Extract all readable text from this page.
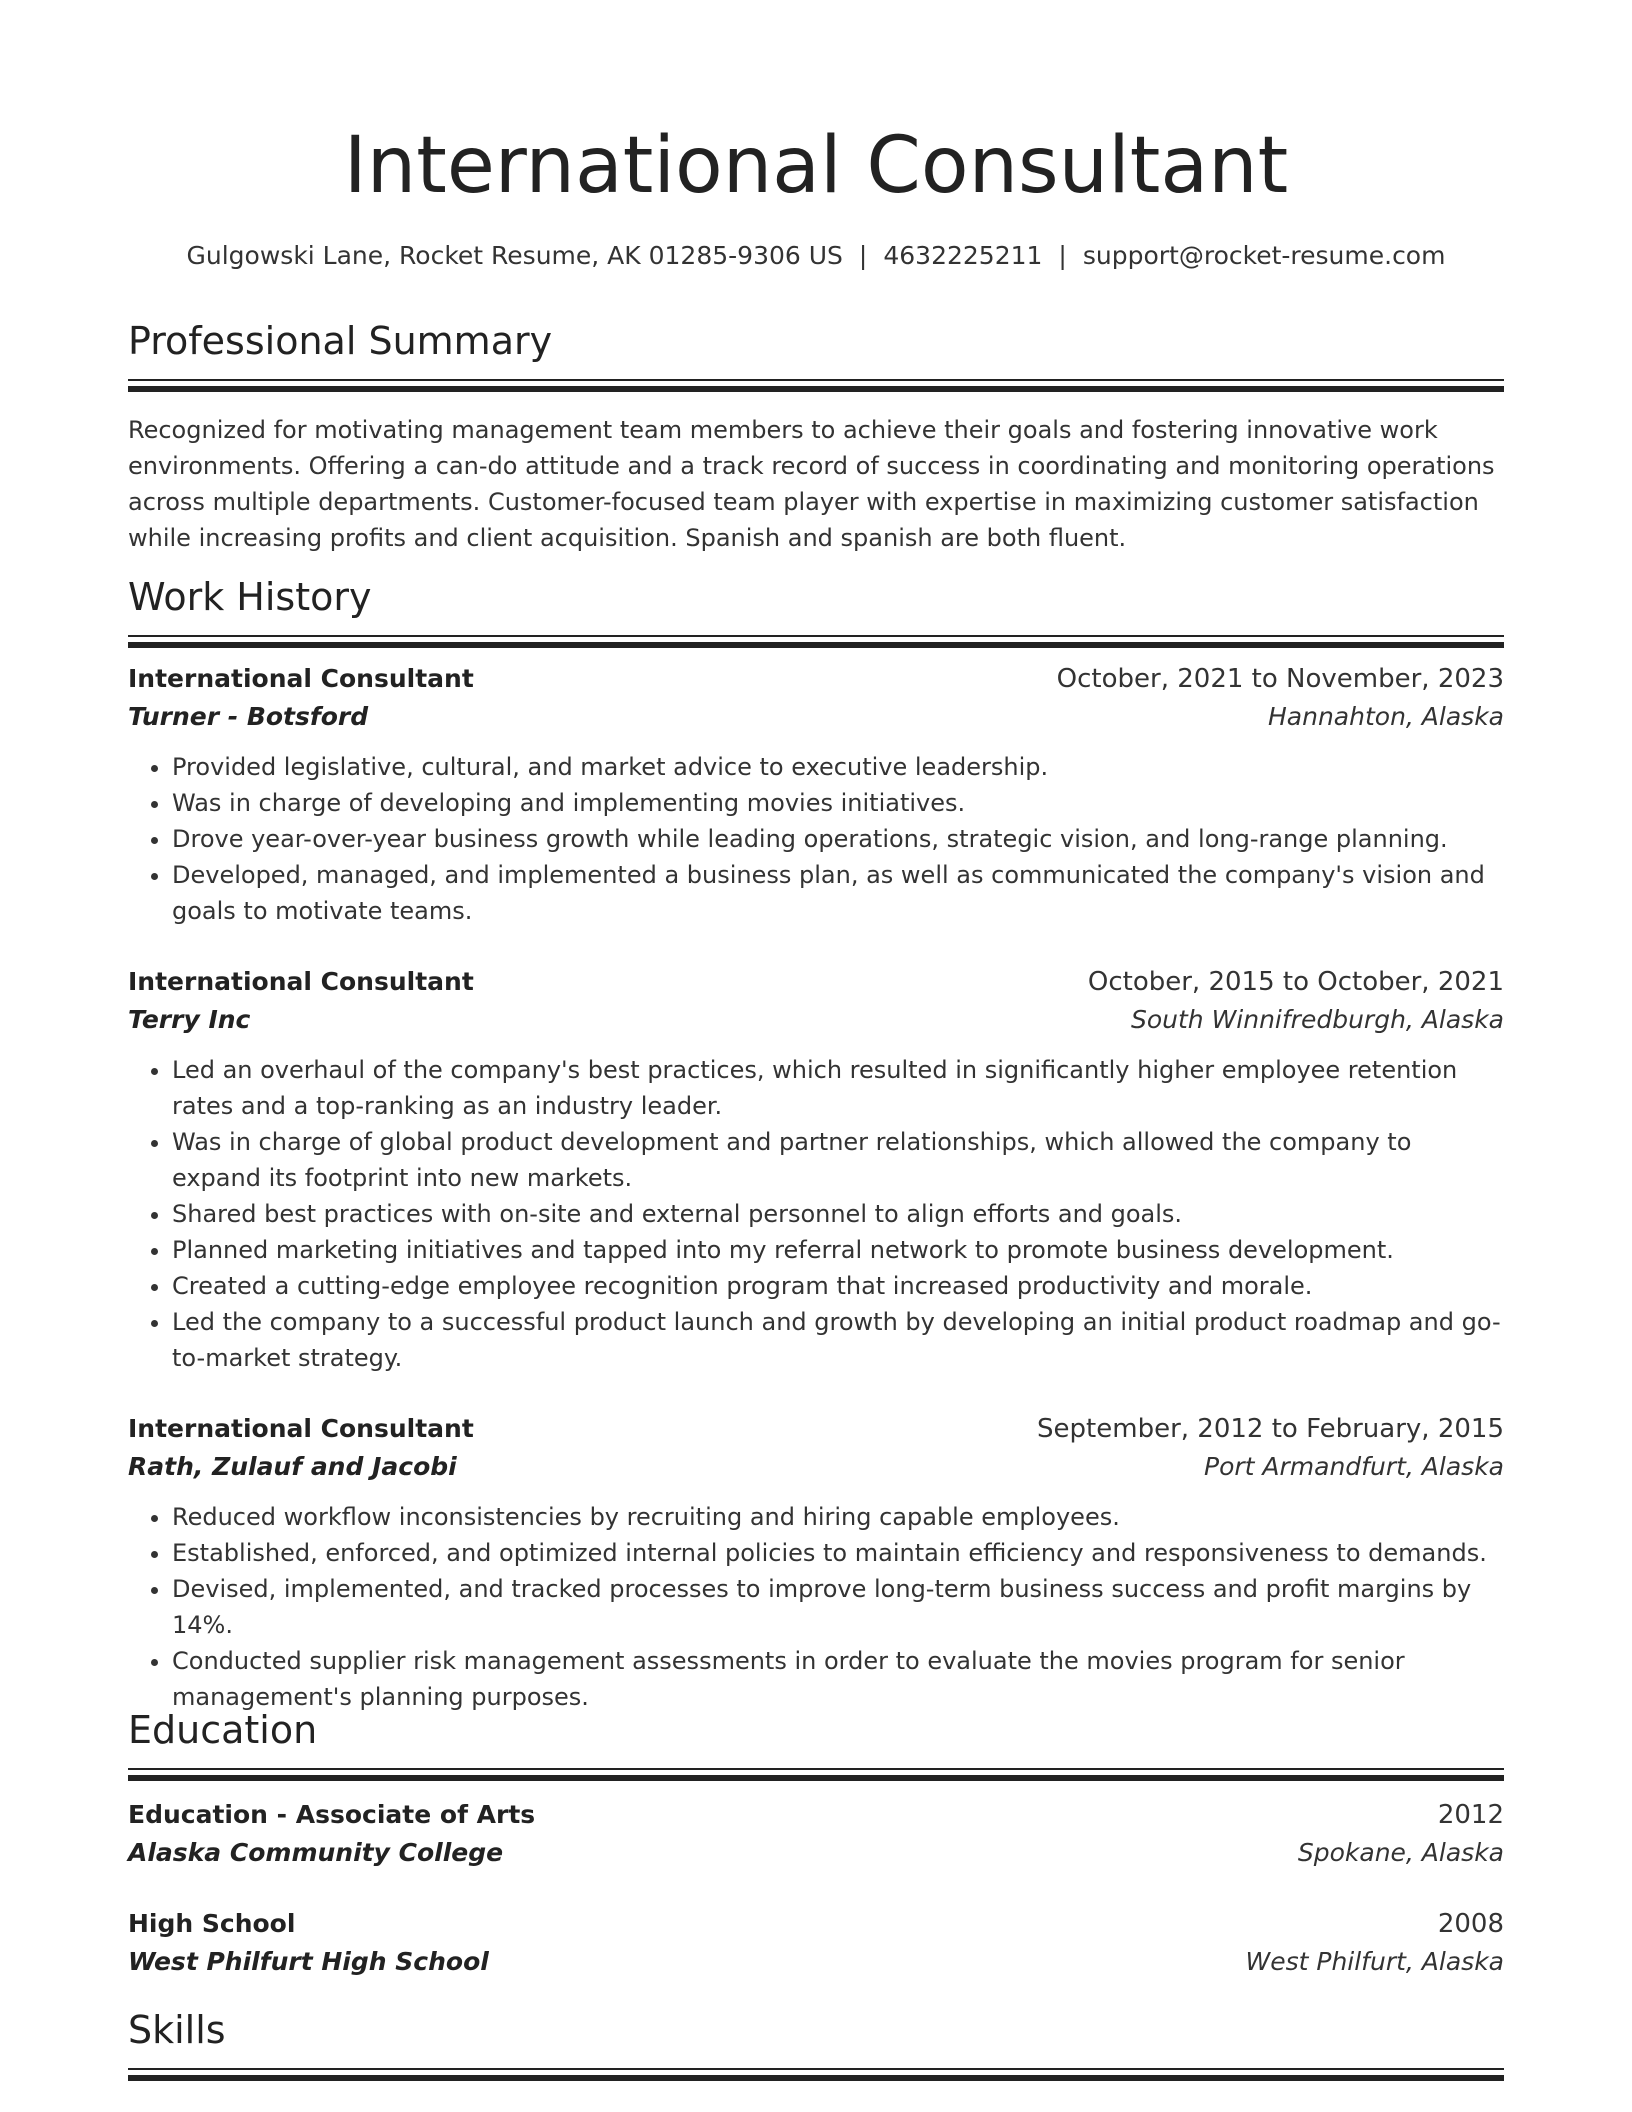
International Consultant
Gulgowski Lane, Rocket Resume, AK 01285-9306 US | 4632225211 | support@rocket-resume.com
Professional Summary

Recognized for motivating management team members to achieve their goals and fostering innovative work environments. Offering a can-do attitude and a track record of success in coordinating and monitoring operations across multiple departments. Customer-focused team player with expertise in maximizing customer satisfaction while increasing profits and client acquisition. Spanish and spanish are both fluent.

Work History
International Consultant	October, 2021 to November, 2023
Turner - Botsford	Hannahton, Alaska
• Provided legislative, cultural, and market advice to executive leadership.
• Was in charge of developing and implementing movies initiatives.
• Drove year-over-year business growth while leading operations, strategic vision, and long-range planning.
• Developed, managed, and implemented a business plan, as well as communicated the company's vision and goals to motivate teams.
International Consultant	October, 2015 to October, 2021
Terry Inc	South Winnifredburgh, Alaska
• Led an overhaul of the company's best practices, which resulted in significantly higher employee retention rates and a top-ranking as an industry leader.
• Was in charge of global product development and partner relationships, which allowed the company to expand its footprint into new markets.
• Shared best practices with on-site and external personnel to align efforts and goals.
• Planned marketing initiatives and tapped into my referral network to promote business development.
• Created a cutting-edge employee recognition program that increased productivity and morale.
• Led the company to a successful product launch and growth by developing an initial product roadmap and go-to-market strategy.
International Consultant	September, 2012 to February, 2015
Rath, Zulauf and Jacobi	Port Armandfurt, Alaska
• Reduced workflow inconsistencies by recruiting and hiring capable employees.
• Established, enforced, and optimized internal policies to maintain efficiency and responsiveness to demands.
• Devised, implemented, and tracked processes to improve long-term business success and profit margins by 14%.
• Conducted supplier risk management assessments in order to evaluate the movies program for senior management's planning purposes.
Education
Education - Associate of Arts	2012
Alaska Community College	Spokane, Alaska
High School	2008
West Philfurt High School	West Philfurt, Alaska
Skills
